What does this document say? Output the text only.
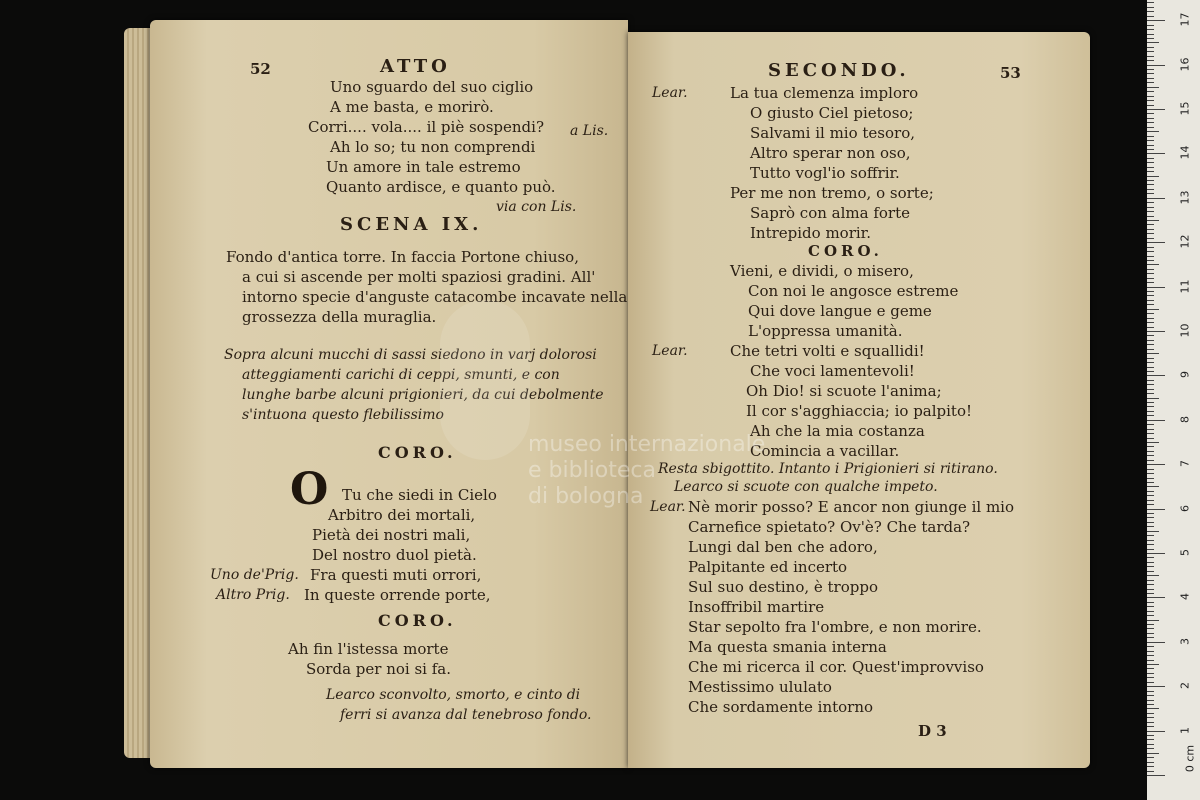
52	ATTO
Uno sguardo del suo ciglio
A me basta, e morirò.
Corri.... vola.... il piè sospendi? a Lis.
Ah lo so; tu non comprendi
Un amore in tale estremo
Quanto ardisce, e quanto può.
via con Lis.
SCENA IX.
Fondo d'antica torre. In faccia Portone chiuso,
a cui si ascende per molti spaziosi gradini. All'
intorno specie d'anguste catacombe incavate nella
grossezza della muraglia.
Sopra alcuni mucchi di sassi siedono in varj dolorosi
atteggiamenti carichi di ceppi, smunti, e con
lunghe barbe alcuni prigionieri, da cui debolmente
s'intuona questo flebilissimo
CORO.
O Tu che siedi in Cielo
Arbitro dei mortali,
Pietà dei nostri mali,
Del nostro duol pietà.
Uno de'Prig. Fra questi muti orrori,
Altro Prig. In queste orrende porte,
CORO.
Ah fin l'istessa morte
Sorda per noi si fa.
Learco sconvolto, smorto, e cinto di
ferri si avanza dal tenebroso fondo.
SECONDO.	53
Lear.	La tua clemenza imploro
O giusto Ciel pietoso;
Salvami il mio tesoro,
Altro sperar non oso,
Tutto vogl'io soffrir.
Per me non tremo, o sorte;
Saprò con alma forte
Intrepido morir.
CORO.
Vieni, e dividi, o misero,
Con noi le angosce estreme
Qui dove langue e geme
L'oppressa umanità.
Lear.	Che tetri volti e squallidi!
Che voci lamentevoli!
Oh Dio! si scuote l'anima;
Il cor s'agghiaccia; io palpito!
Ah che la mia costanza
Comincia a vacillar.
Resta sbigottito. Intanto i Prigionieri si ritirano.
Learco si scuote con qualche impeto.
Lear. Nè morir posso? E ancor non giunge il mio
Carnefice spietato? Ov'è? Che tarda?
Lungi dal ben che adoro,
Palpitante ed incerto
Sul suo destino, è troppo
Insoffribil martire
Star sepolto fra l'ombre, e non morire.
Ma questa smania interna
Che mi ricerca il cor. Quest'improvviso
Mestissimo ululato
Che sordamente intorno
D 3
museo internazionale
e biblioteca
di bologna
0 cm
1
2
3
4
5
6
7
8
9
10
11
12
13
14
15
16
17
